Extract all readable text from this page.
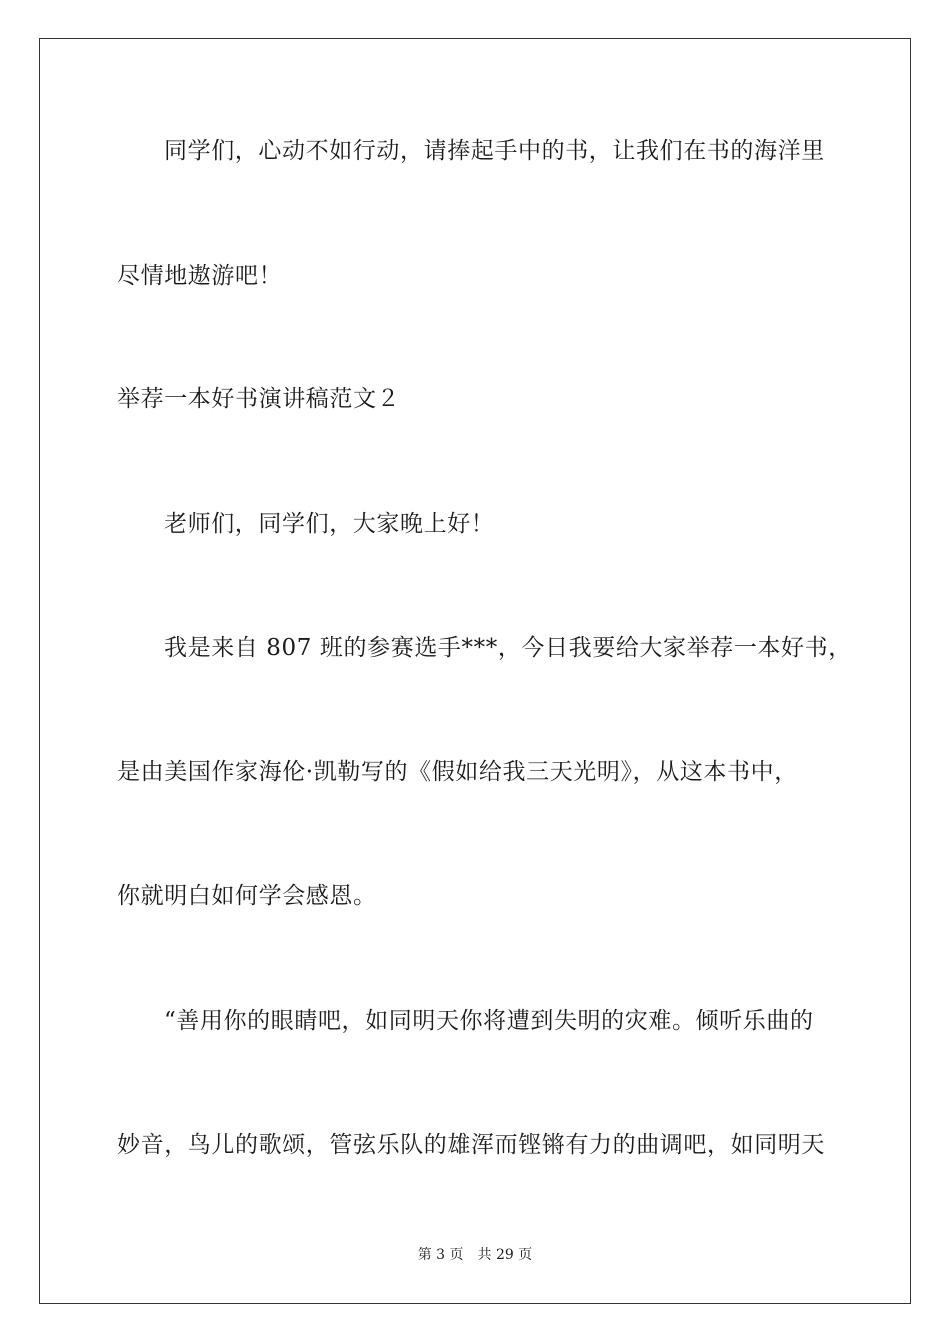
同学们，心动不如行动，请捧起手中的书，让我们在书的海洋里
尽情地遨游吧！
举荐一本好书演讲稿范文２
老师们，同学们，大家晚上好！
我是来自 807 班的参赛选手***，今日我要给大家举荐一本好书，
是由美国作家海伦·凯勒写的《假如给我三天光明》，从这本书中，
你就明白如何学会感恩。
“善用你的眼睛吧，如同明天你将遭到失明的灾难。倾听乐曲的
妙音，鸟儿的歌颂，管弦乐队的雄浑而铿锵有力的曲调吧，如同明天
第 3 页 共 29 页
